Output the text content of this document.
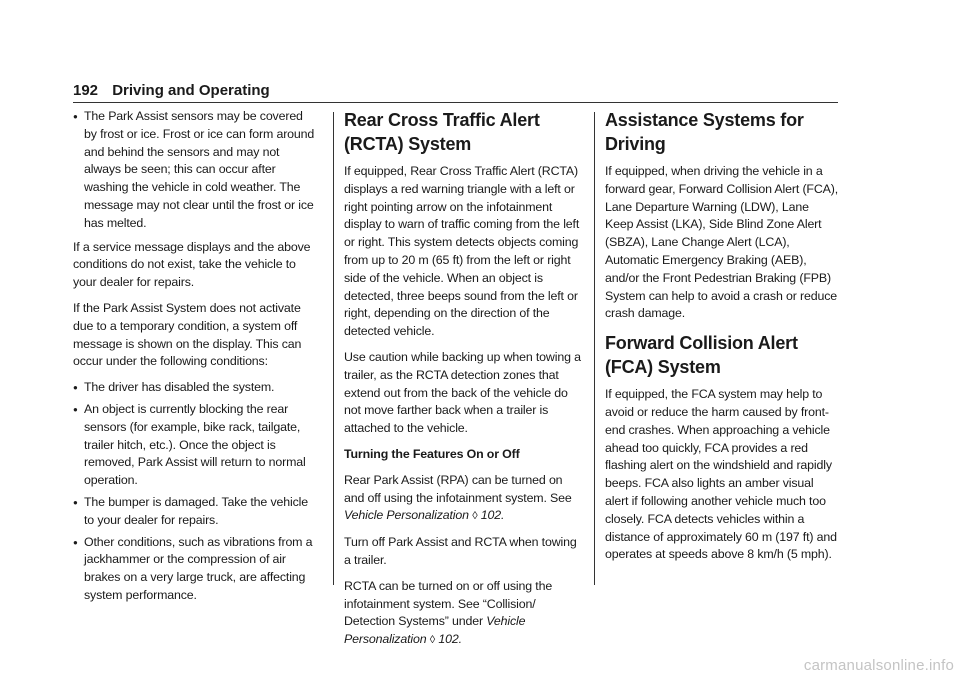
192 Driving and Operating
● The Park Assist sensors may be covered by frost or ice. Frost or ice can form around and behind the sensors and may not always be seen; this can occur after washing the vehicle in cold weather. The message may not clear until the frost or ice has melted.

If a service message displays and the above conditions do not exist, take the vehicle to your dealer for repairs.

If the Park Assist System does not activate due to a temporary condition, a system off message is shown on the display. This can occur under the following conditions:

● The driver has disabled the system.
● An object is currently blocking the rear sensors (for example, bike rack, tailgate, trailer hitch, etc.). Once the object is removed, Park Assist will return to normal operation.
● The bumper is damaged. Take the vehicle to your dealer for repairs.
● Other conditions, such as vibrations from a jackhammer or the compression of air brakes on a very large truck, are affecting system performance.
Rear Cross Traffic Alert (RCTA) System

If equipped, Rear Cross Traffic Alert (RCTA) displays a red warning triangle with a left or right pointing arrow on the infotainment display to warn of traffic coming from the left or right. This system detects objects coming from up to 20 m (65 ft) from the left or right side of the vehicle. When an object is detected, three beeps sound from the left or right, depending on the direction of the detected vehicle.

Use caution while backing up when towing a trailer, as the RCTA detection zones that extend out from the back of the vehicle do not move farther back when a trailer is attached to the vehicle.

Turning the Features On or Off

Rear Park Assist (RPA) can be turned on and off using the infotainment system. See Vehicle Personalization ◊ 102.

Turn off Park Assist and RCTA when towing a trailer.

RCTA can be turned on or off using the infotainment system. See “Collision/ Detection Systems” under Vehicle Personalization ◊ 102.

Assistance Systems for Driving

If equipped, when driving the vehicle in a forward gear, Forward Collision Alert (FCA), Lane Departure Warning (LDW), Lane Keep Assist (LKA), Side Blind Zone Alert (SBZA), Lane Change Alert (LCA), Automatic Emergency Braking (AEB), and/or the Front Pedestrian Braking (FPB) System can help to avoid a crash or reduce crash damage.

Forward Collision Alert (FCA) System

If equipped, the FCA system may help to avoid or reduce the harm caused by front-end crashes. When approaching a vehicle ahead too quickly, FCA provides a red flashing alert on the windshield and rapidly beeps. FCA also lights an amber visual alert if following another vehicle much too closely. FCA detects vehicles within a distance of approximately 60 m (197 ft) and operates at speeds above 8 km/h (5 mph).

carmanualsonline.info
